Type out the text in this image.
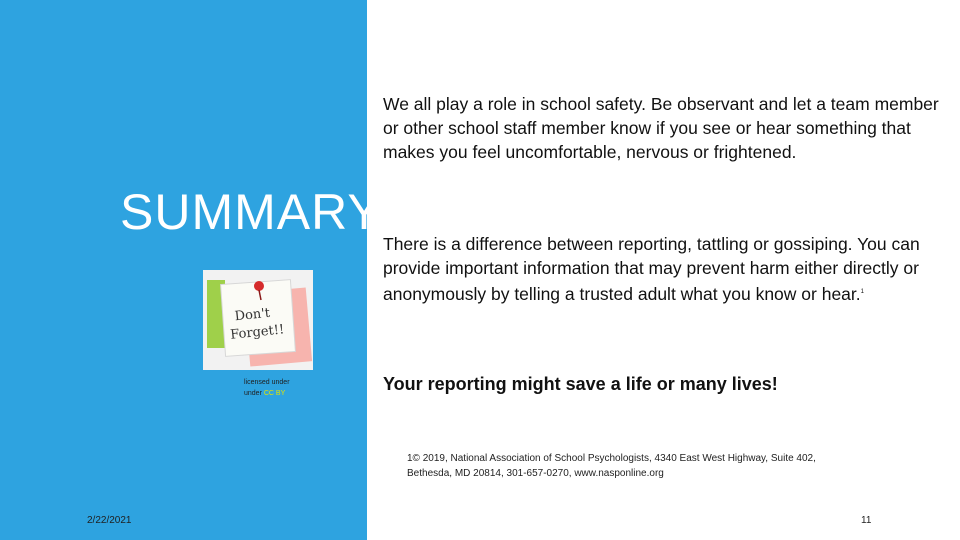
SUMMARY
Don't
Forget!!
licensed under
under CC BY
We all play a role in school safety. Be observant and let a team member or other school staff member know if you see or hear something that makes you feel uncomfortable, nervous or frightened.
There is a difference between reporting, tattling or gossiping. You can provide important information that may prevent harm either directly or anonymously by telling a trusted adult what you know or hear.$^1$
Your reporting might save a life or many lives!
1© 2019, National Association of School Psychologists, 4340 East West Highway, Suite 402, Bethesda, MD 20814, 301-657-0270, www.nasponline.org
2/22/2021	11
